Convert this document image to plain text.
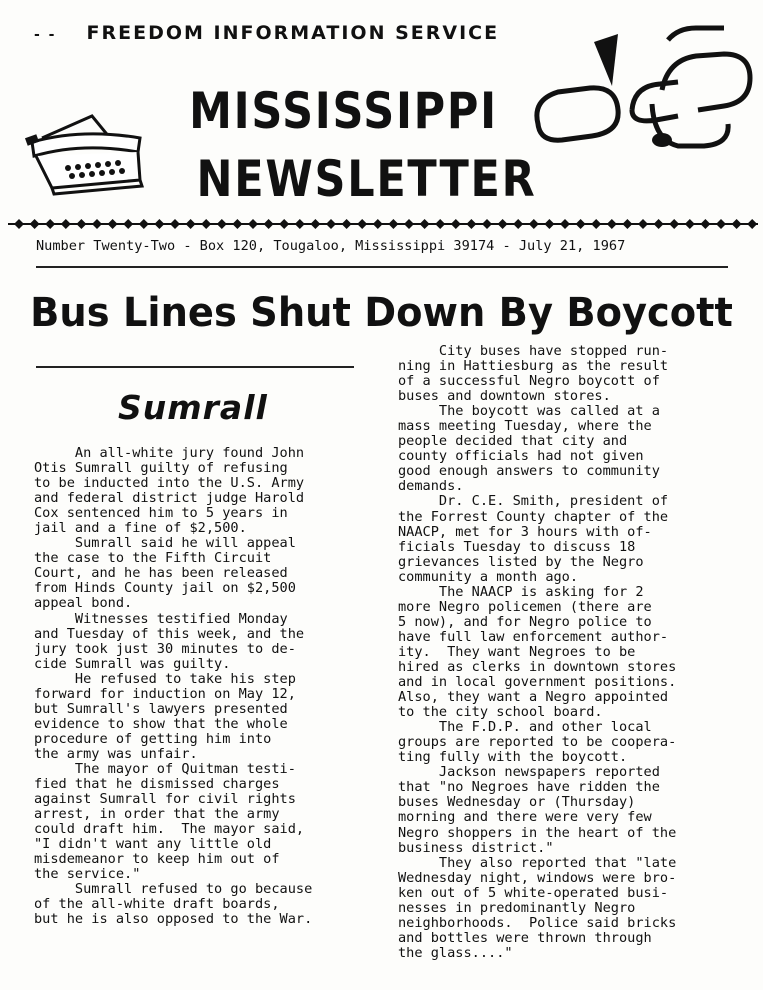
- - FREEDOM INFORMATION SERVICE
MISSISSIPPI
NEWSLETTER
Number Twenty-Two - Box 120, Tougaloo, Mississippi 39174 - July 21, 1967
Bus Lines Shut Down By Boycott
Sumrall
An all-white jury found John
Otis Sumrall guilty of refusing
to be inducted into the U.S. Army
and federal district judge Harold
Cox sentenced him to 5 years in
jail and a fine of $2,500.
Sumrall said he will appeal
the case to the Fifth Circuit
Court, and he has been released
from Hinds County jail on $2,500
appeal bond.
Witnesses testified Monday
and Tuesday of this week, and the
jury took just 30 minutes to de-
cide Sumrall was guilty.
He refused to take his step
forward for induction on May 12,
but Sumrall's lawyers presented
evidence to show that the whole
procedure of getting him into
the army was unfair.
The mayor of Quitman testi-
fied that he dismissed charges
against Sumrall for civil rights
arrest, in order that the army
could draft him.  The mayor said,
"I didn't want any little old
misdemeanor to keep him out of
the service."
Sumrall refused to go because
of the all-white draft boards,
but he is also opposed to the War.
City buses have stopped run-
ning in Hattiesburg as the result
of a successful Negro boycott of
buses and downtown stores.
The boycott was called at a
mass meeting Tuesday, where the
people decided that city and
county officials had not given
good enough answers to community
demands.
Dr. C.E. Smith, president of
the Forrest County chapter of the
NAACP, met for 3 hours with of-
ficials Tuesday to discuss 18
grievances listed by the Negro
community a month ago.
The NAACP is asking for 2
more Negro policemen (there are
5 now), and for Negro police to
have full law enforcement author-
ity.  They want Negroes to be
hired as clerks in downtown stores
and in local government positions.
Also, they want a Negro appointed
to the city school board.
The F.D.P. and other local
groups are reported to be coopera-
ting fully with the boycott.
Jackson newspapers reported
that "no Negroes have ridden the
buses Wednesday or (Thursday)
morning and there were very few
Negro shoppers in the heart of the
business district."
They also reported that "late
Wednesday night, windows were bro-
ken out of 5 white-operated busi-
nesses in predominantly Negro
neighborhoods.  Police said bricks
and bottles were thrown through
the glass...."
